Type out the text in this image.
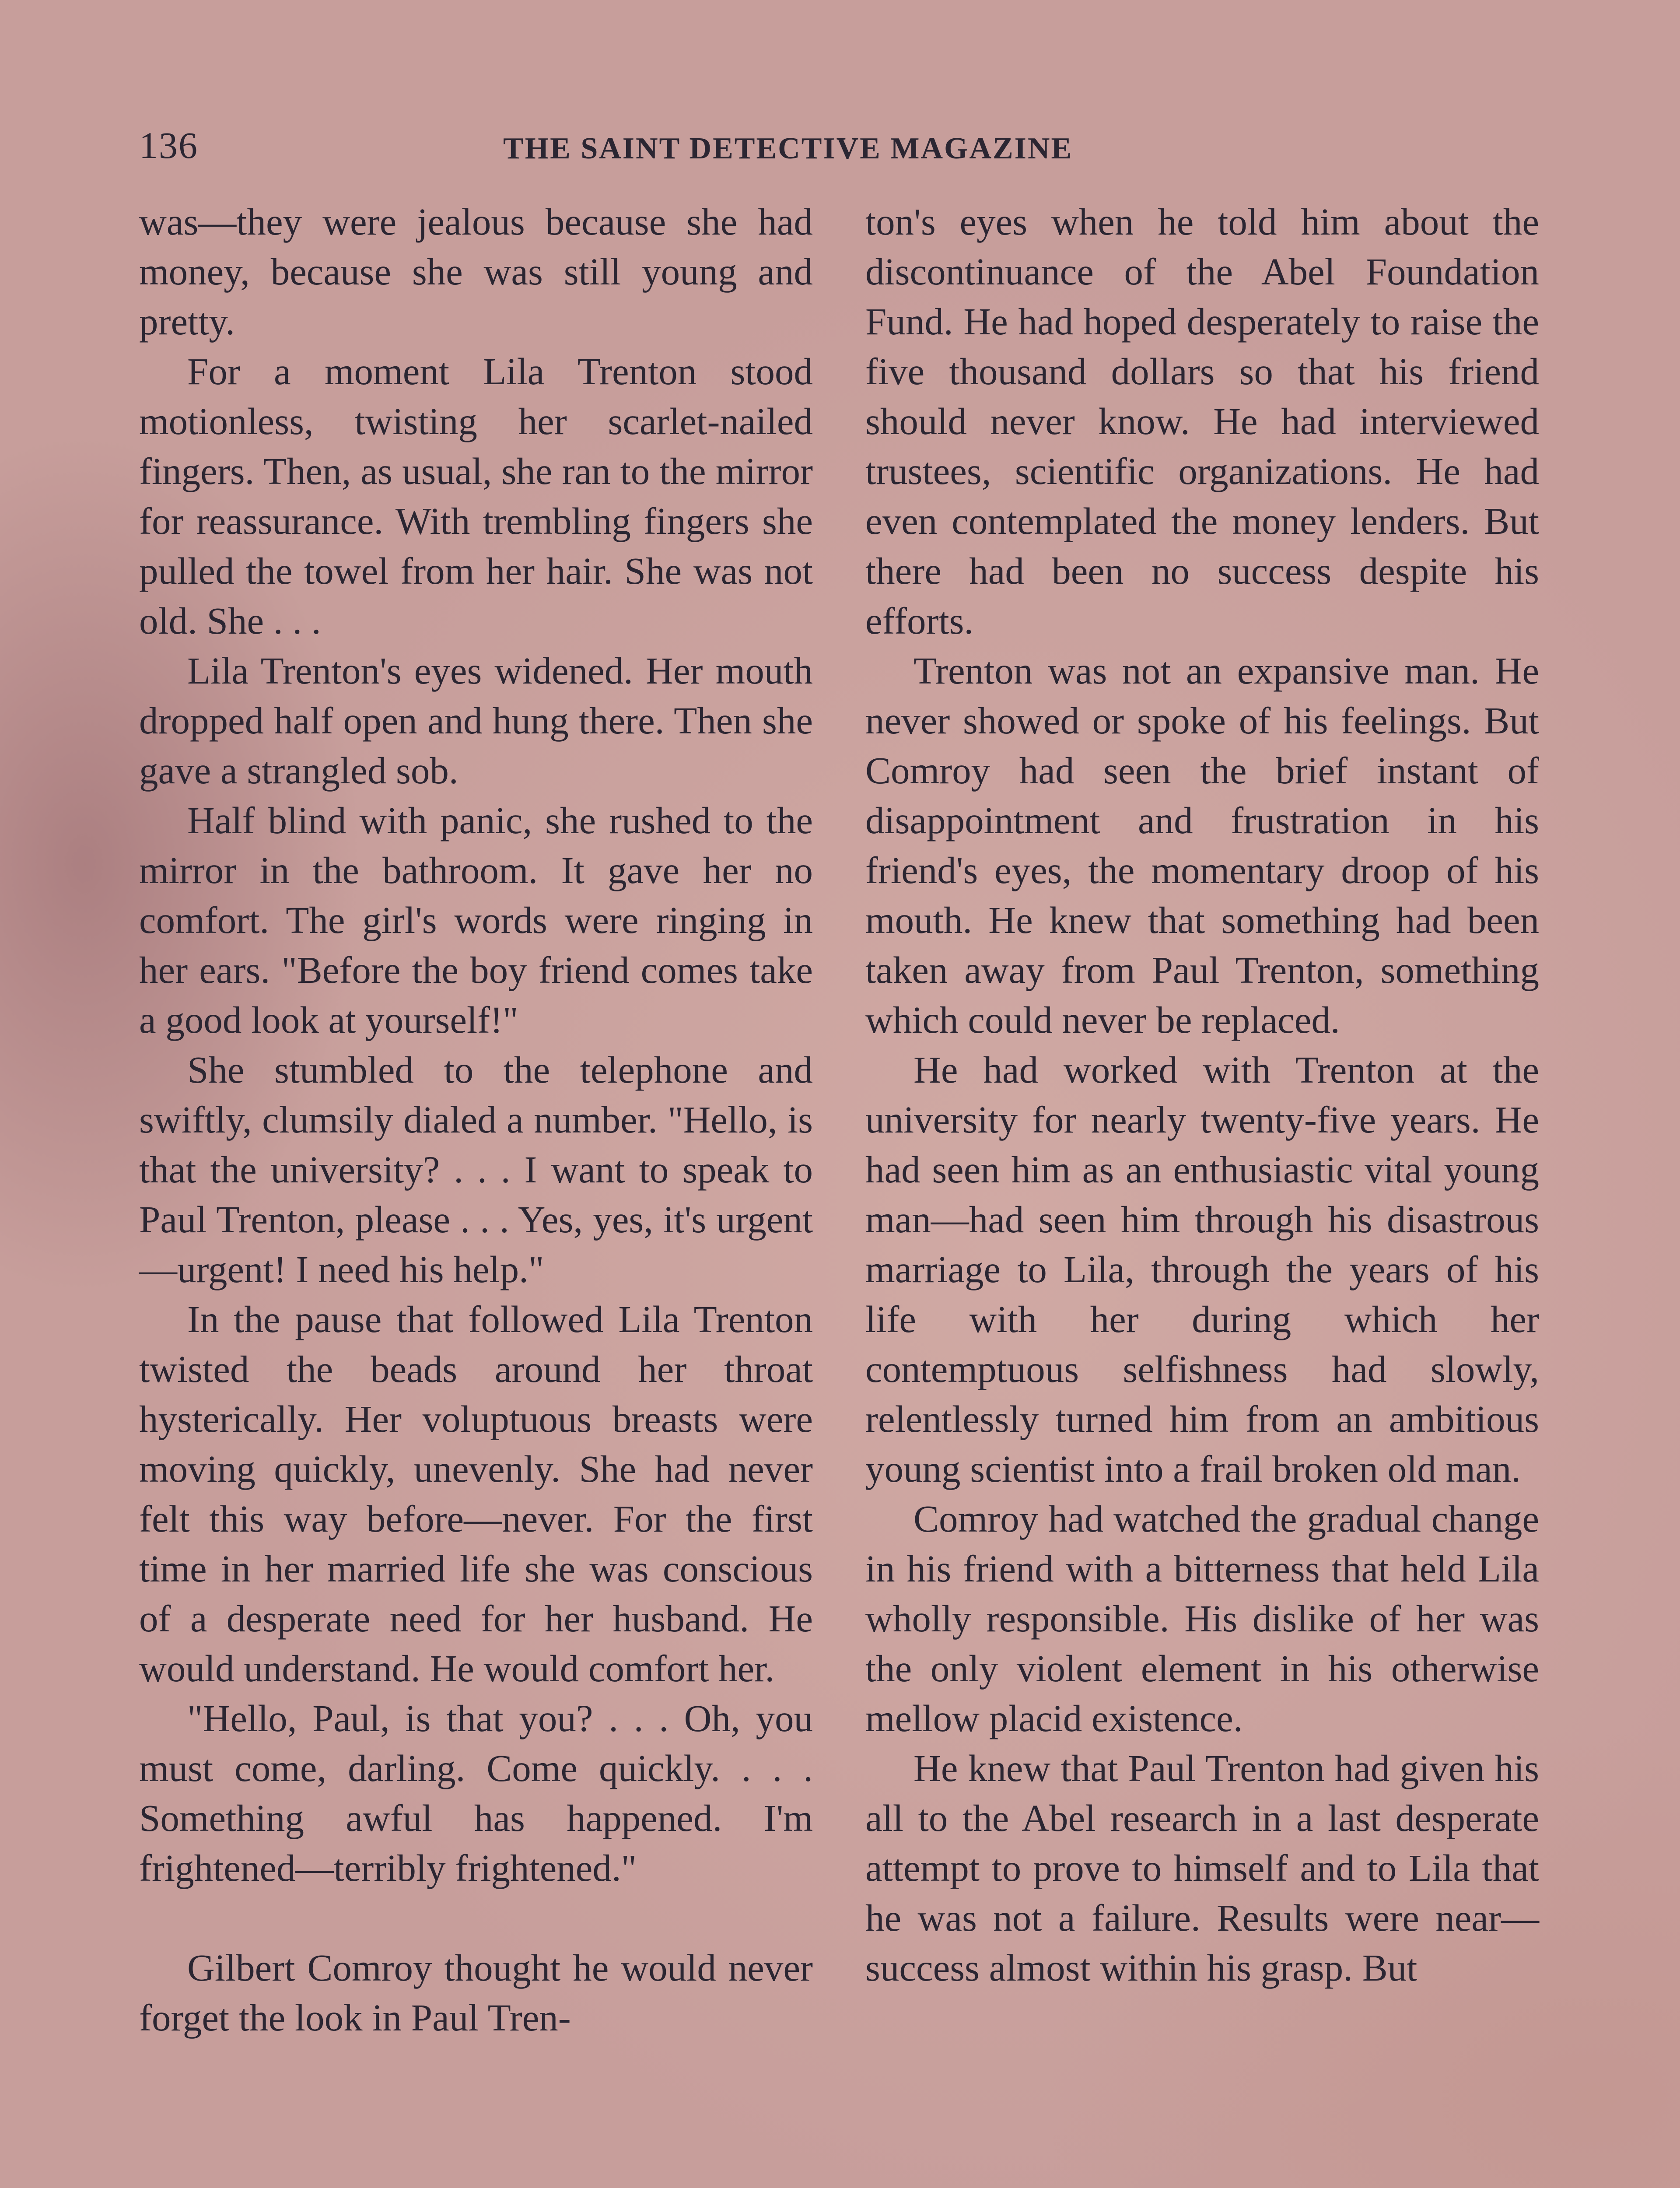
136	THE SAINT DETECTIVE MAGAZINE

was—they were jealous because she had money, because she was still young and pretty.

For a moment Lila Trenton stood motionless, twisting her scarlet-nailed fingers. Then, as usual, she ran to the mirror for reassurance. With trembling fingers she pulled the towel from her hair. She was not old. She . . .

Lila Trenton's eyes widened. Her mouth dropped half open and hung there. Then she gave a strangled sob.

Half blind with panic, she rushed to the mirror in the bathroom. It gave her no comfort. The girl's words were ringing in her ears. "Before the boy friend comes take a good look at yourself!"

She stumbled to the telephone and swiftly, clumsily dialed a number. "Hello, is that the university? . . . I want to speak to Paul Trenton, please . . . Yes, yes, it's urgent—urgent! I need his help."

In the pause that followed Lila Trenton twisted the beads around her throat hysterically. Her voluptuous breasts were moving quickly, unevenly. She had never felt this way before—never. For the first time in her married life she was conscious of a desperate need for her husband. He would understand. He would comfort her.

"Hello, Paul, is that you? . . . Oh, you must come, darling. Come quickly. . . . Something awful has happened. I'm frightened—terribly frightened."

Gilbert Comroy thought he would never forget the look in Paul Tren-

ton's eyes when he told him about the discontinuance of the Abel Foundation Fund. He had hoped desperately to raise the five thousand dollars so that his friend should never know. He had interviewed trustees, scientific organizations. He had even contemplated the money lenders. But there had been no success despite his efforts.

Trenton was not an expansive man. He never showed or spoke of his feelings. But Comroy had seen the brief instant of disappointment and frustration in his friend's eyes, the momentary droop of his mouth. He knew that something had been taken away from Paul Trenton, something which could never be replaced.

He had worked with Trenton at the university for nearly twenty-five years. He had seen him as an enthusiastic vital young man—had seen him through his disastrous marriage to Lila, through the years of his life with her during which her contemptuous selfishness had slowly, relentlessly turned him from an ambitious young scientist into a frail broken old man.

Comroy had watched the gradual change in his friend with a bitterness that held Lila wholly responsible. His dislike of her was the only violent element in his otherwise mellow placid existence.

He knew that Paul Trenton had given his all to the Abel research in a last desperate attempt to prove to himself and to Lila that he was not a failure. Results were near—success almost within his grasp. But
